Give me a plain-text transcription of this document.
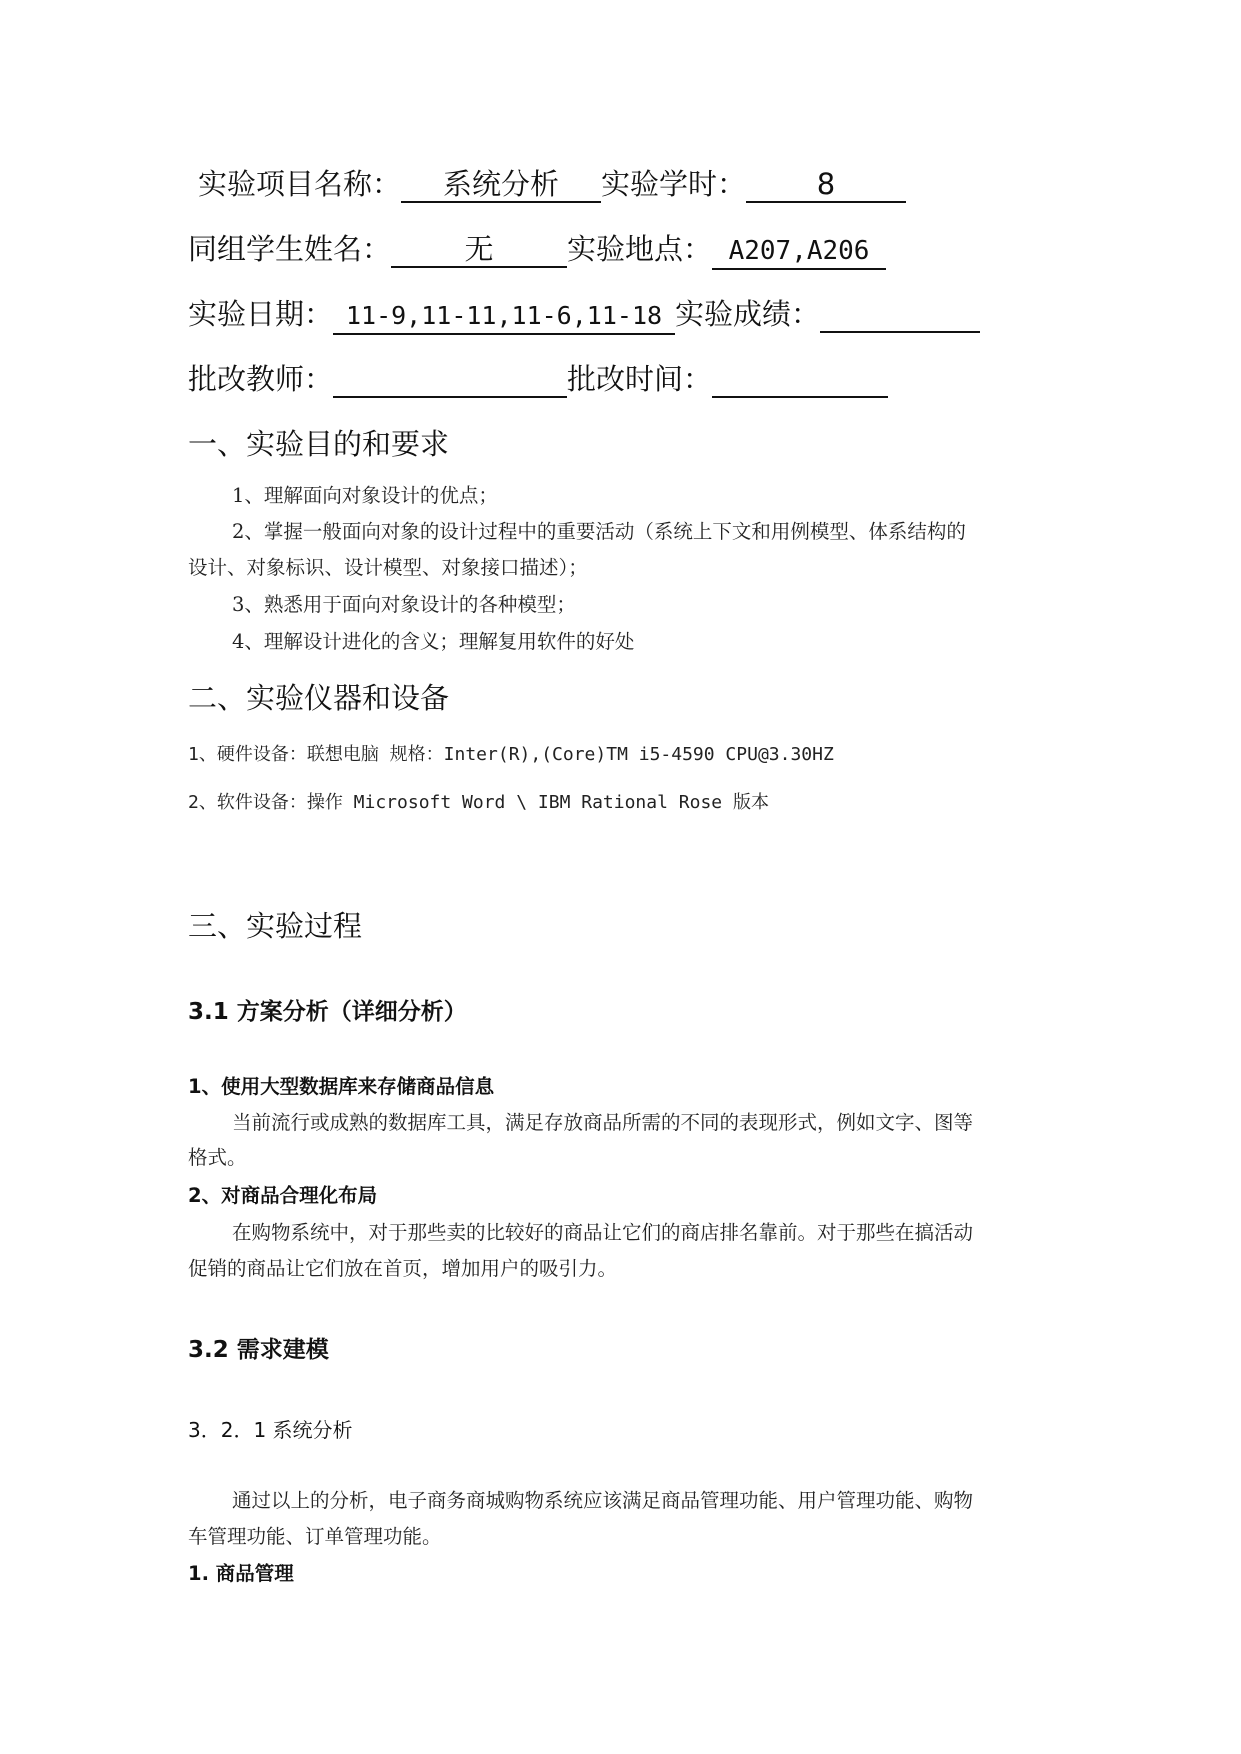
实验项目名称： 系统分析 实验学时： 8
同组学生姓名：	无	实验地点： A207,A206
实验日期： 11-9,11-11,11-6,11-18 实验成绩：
批改教师：	批改时间：
一、实验目的和要求
1、理解面向对象设计的优点；
2、掌握一般面向对象的设计过程中的重要活动（系统上下文和用例模型、体系结构的
设计、对象标识、设计模型、对象接口描述）；
3、熟悉用于面向对象设计的各种模型；
4、理解设计进化的含义；理解复用软件的好处
二、实验仪器和设备
1、硬件设备：联想电脑 规格：Inter(R),(Core)TM i5-4590 CPU@3.30HZ
2、软件设备：操作 Microsoft Word \ IBM Rational Rose 版本
三、实验过程
3.1 方案分析（详细分析）
1、使用大型数据库来存储商品信息
当前流行或成熟的数据库工具，满足存放商品所需的不同的表现形式，例如文字、图等
格式。
2、对商品合理化布局
在购物系统中，对于那些卖的比较好的商品让它们的商店排名靠前。对于那些在搞活动
促销的商品让它们放在首页，增加用户的吸引力。
3.2 需求建模
3．2．1 系统分析
通过以上的分析，电子商务商城购物系统应该满足商品管理功能、用户管理功能、购物
车管理功能、订单管理功能。
1. 商品管理
